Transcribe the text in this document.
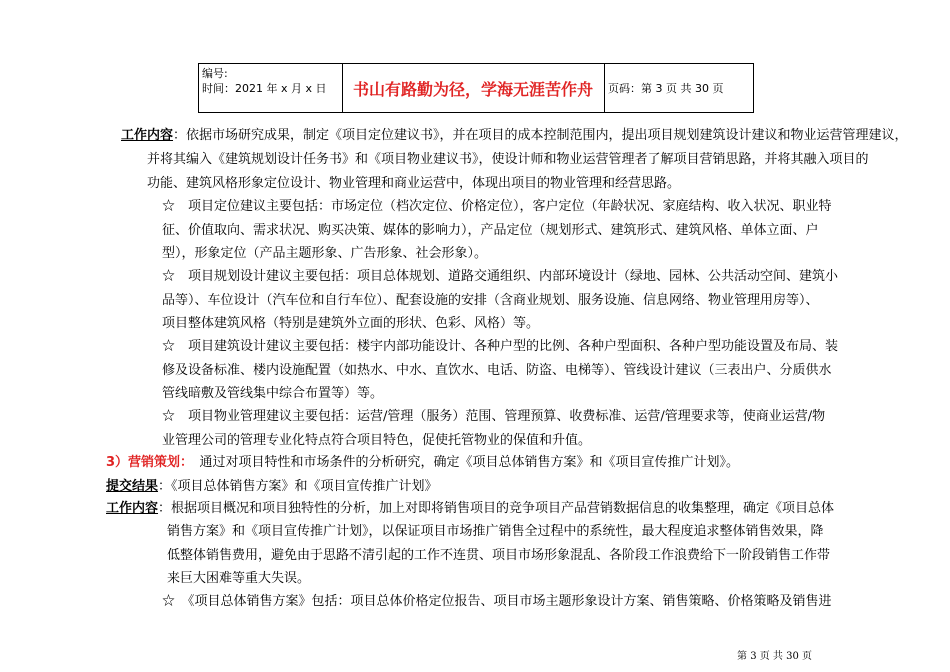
编号:
时间：2021 年 x 月 x 日	书山有路勤为径，学海无涯苦作舟	页码：第 3 页 共 30 页
工作内容：依据市场研究成果，制定《项目定位建议书》，并在项目的成本控制范围内，提出项目规划建筑设计建议和物业运营管理建议，
并将其编入《建筑规划设计任务书》和《项目物业建议书》，使设计师和物业运营管理者了解项目营销思路，并将其融入项目的
功能、建筑风格形象定位设计、物业管理和商业运营中，体现出项目的物业管理和经营思路。
☆　项目定位建议主要包括：市场定位（档次定位、价格定位），客户定位（年龄状况、家庭结构、收入状况、职业特
征、价值取向、需求状况、购买决策、媒体的影响力），产品定位（规划形式、建筑形式、建筑风格、单体立面、户
型），形象定位（产品主题形象、广告形象、社会形象）。
☆　项目规划设计建议主要包括：项目总体规划、道路交通组织、内部环境设计（绿地、园林、公共活动空间、建筑小
品等）、车位设计（汽车位和自行车位）、配套设施的安排（含商业规划、服务设施、信息网络、物业管理用房等）、
项目整体建筑风格（特别是建筑外立面的形状、色彩、风格）等。
☆　项目建筑设计建议主要包括：楼宇内部功能设计、各种户型的比例、各种户型面积、各种户型功能设置及布局、装
修及设备标准、楼内设施配置（如热水、中水、直饮水、电话、防盗、电梯等）、管线设计建议（三表出户、分质供水
管线暗敷及管线集中综合布置等）等。
☆　项目物业管理建议主要包括：运营/管理（服务）范围、管理预算、收费标准、运营/管理要求等，使商业运营/物
业管理公司的管理专业化特点符合项目特色，促使托管物业的保值和升值。
3）营销策划：　通过对项目特性和市场条件的分析研究，确定《项目总体销售方案》和《项目宣传推广计划》。
提交结果：《项目总体销售方案》和《项目宣传推广计划》
工作内容：根据项目概况和项目独特性的分析，加上对即将销售项目的竞争项目产品营销数据信息的收集整理，确定《项目总体
销售方案》和《项目宣传推广计划》，以保证项目市场推广销售全过程中的系统性，最大程度追求整体销售效果，降
低整体销售费用，避免由于思路不清引起的工作不连贯、项目市场形象混乱、各阶段工作浪费给下一阶段销售工作带
来巨大困难等重大失误。
☆　《项目总体销售方案》包括：项目总体价格定位报告、项目市场主题形象设计方案、销售策略、价格策略及销售进
第 3 页 共 30 页
